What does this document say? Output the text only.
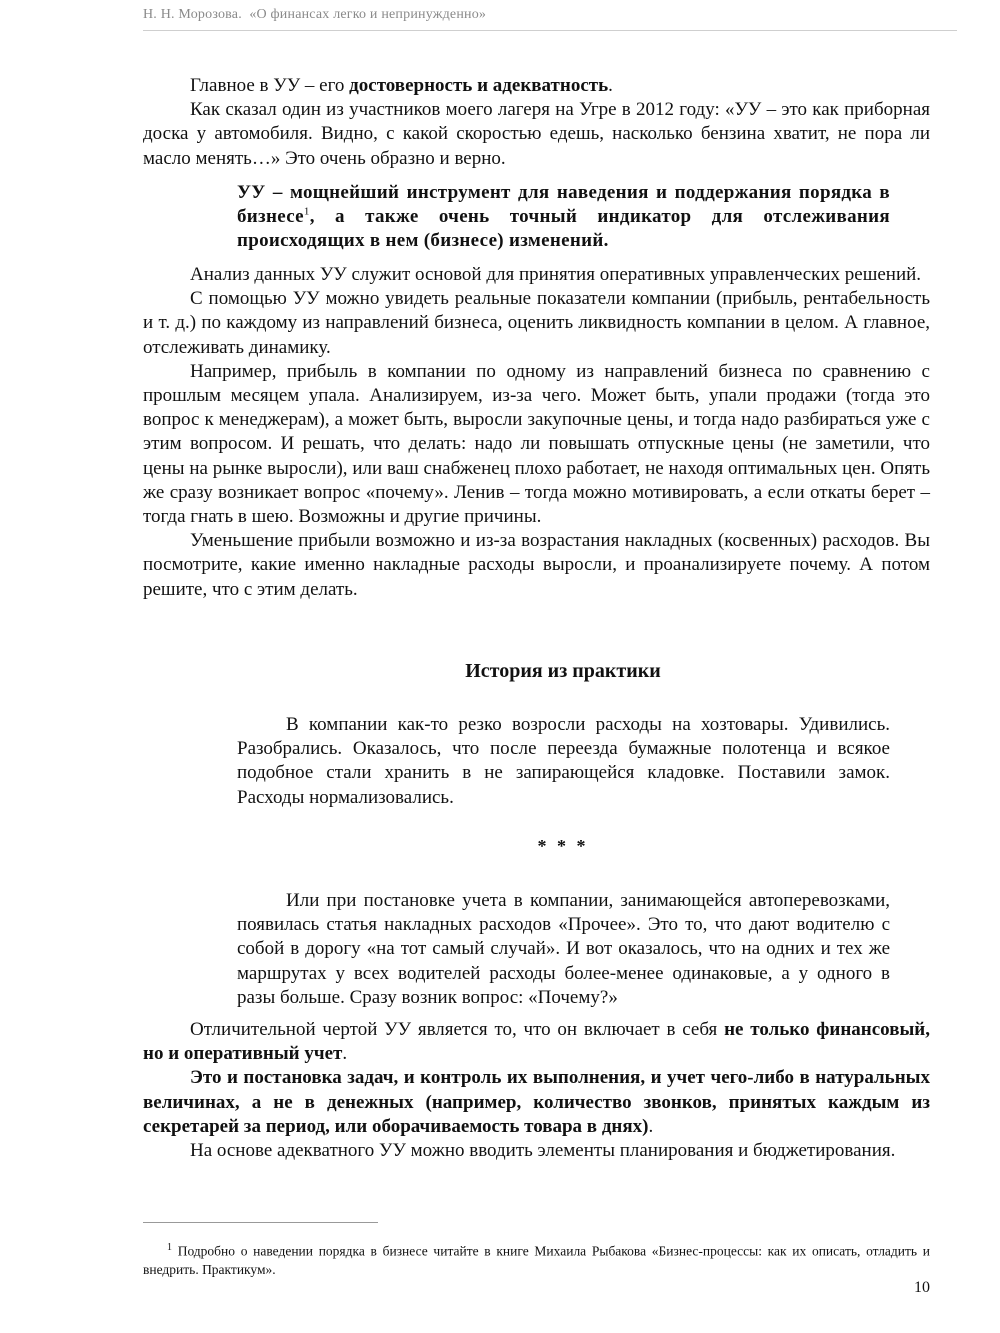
Н. Н. Морозова. «О финансах легко и непринужденно»

Главное в УУ – его достоверность и адекватность.

Как сказал один из участников моего лагеря на Угре в 2012 году: «УУ – это как приборная доска у автомобиля. Видно, с какой скоростью едешь, насколько бензина хватит, не пора ли масло менять…» Это очень образно и верно.

УУ – мощнейший инструмент для наведения и поддержания порядка в бизнесе$^1$, а также очень точный индикатор для отслеживания происходящих в нем (бизнесе) изменений.

Анализ данных УУ служит основой для принятия оперативных управленческих решений.

С помощью УУ можно увидеть реальные показатели компании (прибыль, рентабельность и т. д.) по каждому из направлений бизнеса, оценить ликвидность компании в целом. А главное, отслеживать динамику.

Например, прибыль в компании по одному из направлений бизнеса по сравнению с прошлым месяцем упала. Анализируем, из-за чего. Может быть, упали продажи (тогда это вопрос к менеджерам), а может быть, выросли закупочные цены, и тогда надо разбираться уже с этим вопросом. И решать, что делать: надо ли повышать отпускные цены (не заметили, что цены на рынке выросли), или ваш снабженец плохо работает, не находя оптимальных цен. Опять же сразу возникает вопрос «почему». Ленив – тогда можно мотивировать, а если откаты берет – тогда гнать в шею. Возможны и другие причины.

Уменьшение прибыли возможно и из-за возрастания накладных (косвенных) расходов. Вы посмотрите, какие именно накладные расходы выросли, и проанализируете почему. А потом решите, что с этим делать.

История из практики

В компании как-то резко возросли расходы на хозтовары. Удивились. Разобрались. Оказалось, что после переезда бумажные полотенца и всякое подобное стали хранить в не запирающейся кладовке. Поставили замок. Расходы нормализовались.

* * *

Или при постановке учета в компании, занимающейся автоперевозками, появилась статья накладных расходов «Прочее». Это то, что дают водителю с собой в дорогу «на тот самый случай». И вот оказалось, что на одних и тех же маршрутах у всех водителей расходы более-менее одинаковые, а у одного в разы больше. Сразу возник вопрос: «Почему?»

Отличительной чертой УУ является то, что он включает в себя не только финансовый, но и оперативный учет.

Это и постановка задач, и контроль их выполнения, и учет чего-либо в натуральных величинах, а не в денежных (например, количество звонков, принятых каждым из секретарей за период, или оборачиваемость товара в днях).

На основе адекватного УУ можно вводить элементы планирования и бюджетирования.

$^1$ Подробно о наведении порядка в бизнесе читайте в книге Михаила Рыбакова «Бизнес-процессы: как их описать, отладить и внедрить. Практикум».

10
